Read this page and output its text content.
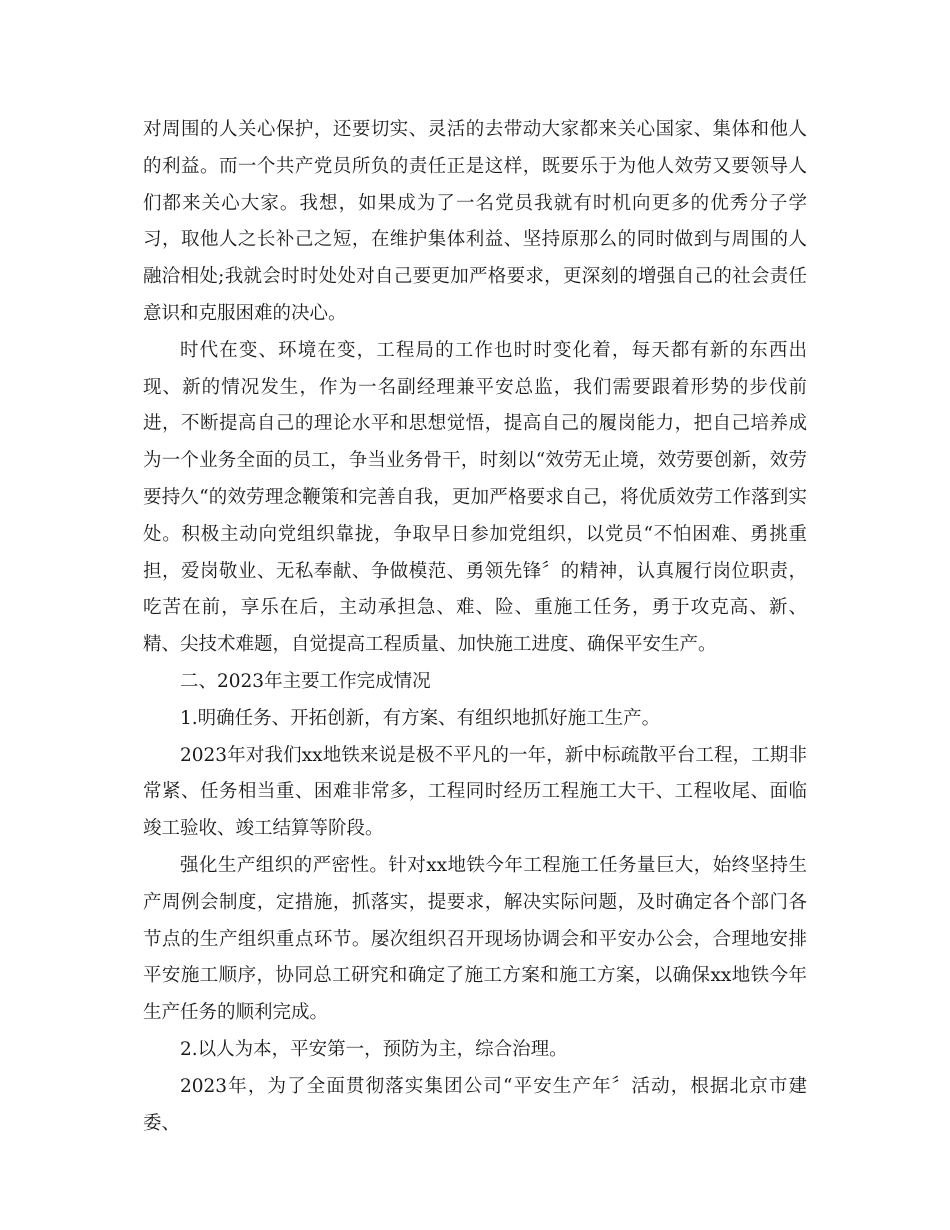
对周围的人关心保护，还要切实、灵活的去带动大家都来关心国家、集体和他人的利益。而一个共产党员所负的责任正是这样，既要乐于为他人效劳又要领导人们都来关心大家。我想，如果成为了一名党员我就有时机向更多的优秀分子学习，取他人之长补己之短，在维护集体利益、坚持原那么的同时做到与周围的人融洽相处;我就会时时处处对自己要更加严格要求，更深刻的增强自己的社会责任意识和克服困难的决心。

时代在变、环境在变，工程局的工作也时时变化着，每天都有新的东西出现、新的情况发生，作为一名副经理兼平安总监，我们需要跟着形势的步伐前进，不断提高自己的理论水平和思想觉悟，提高自己的履岗能力，把自己培养成为一个业务全面的员工，争当业务骨干，时刻以“效劳无止境，效劳要创新，效劳要持久“的效劳理念鞭策和完善自我，更加严格要求自己，将优质效劳工作落到实处。积极主动向党组织靠拢，争取早日参加党组织，以党员“不怕困难、勇挑重担，爱岗敬业、无私奉献、争做模范、勇领先锋〞的精神，认真履行岗位职责，吃苦在前，享乐在后，主动承担急、难、险、重施工任务，勇于攻克高、新、精、尖技术难题，自觉提高工程质量、加快施工进度、确保平安生产。

二、2023年主要工作完成情况

1.明确任务、开拓创新，有方案、有组织地抓好施工生产。

2023年对我们xx地铁来说是极不平凡的一年，新中标疏散平台工程，工期非常紧、任务相当重、困难非常多，工程同时经历工程施工大干、工程收尾、面临竣工验收、竣工结算等阶段。

强化生产组织的严密性。针对xx地铁今年工程施工任务量巨大，始终坚持生产周例会制度，定措施，抓落实，提要求，解决实际问题，及时确定各个部门各节点的生产组织重点环节。屡次组织召开现场协调会和平安办公会，合理地安排平安施工顺序，协同总工研究和确定了施工方案和施工方案，以确保xx地铁今年生产任务的顺利完成。

2.以人为本，平安第一，预防为主，综合治理。

2023年，为了全面贯彻落实集团公司“平安生产年〞活动，根据北京市建委、
